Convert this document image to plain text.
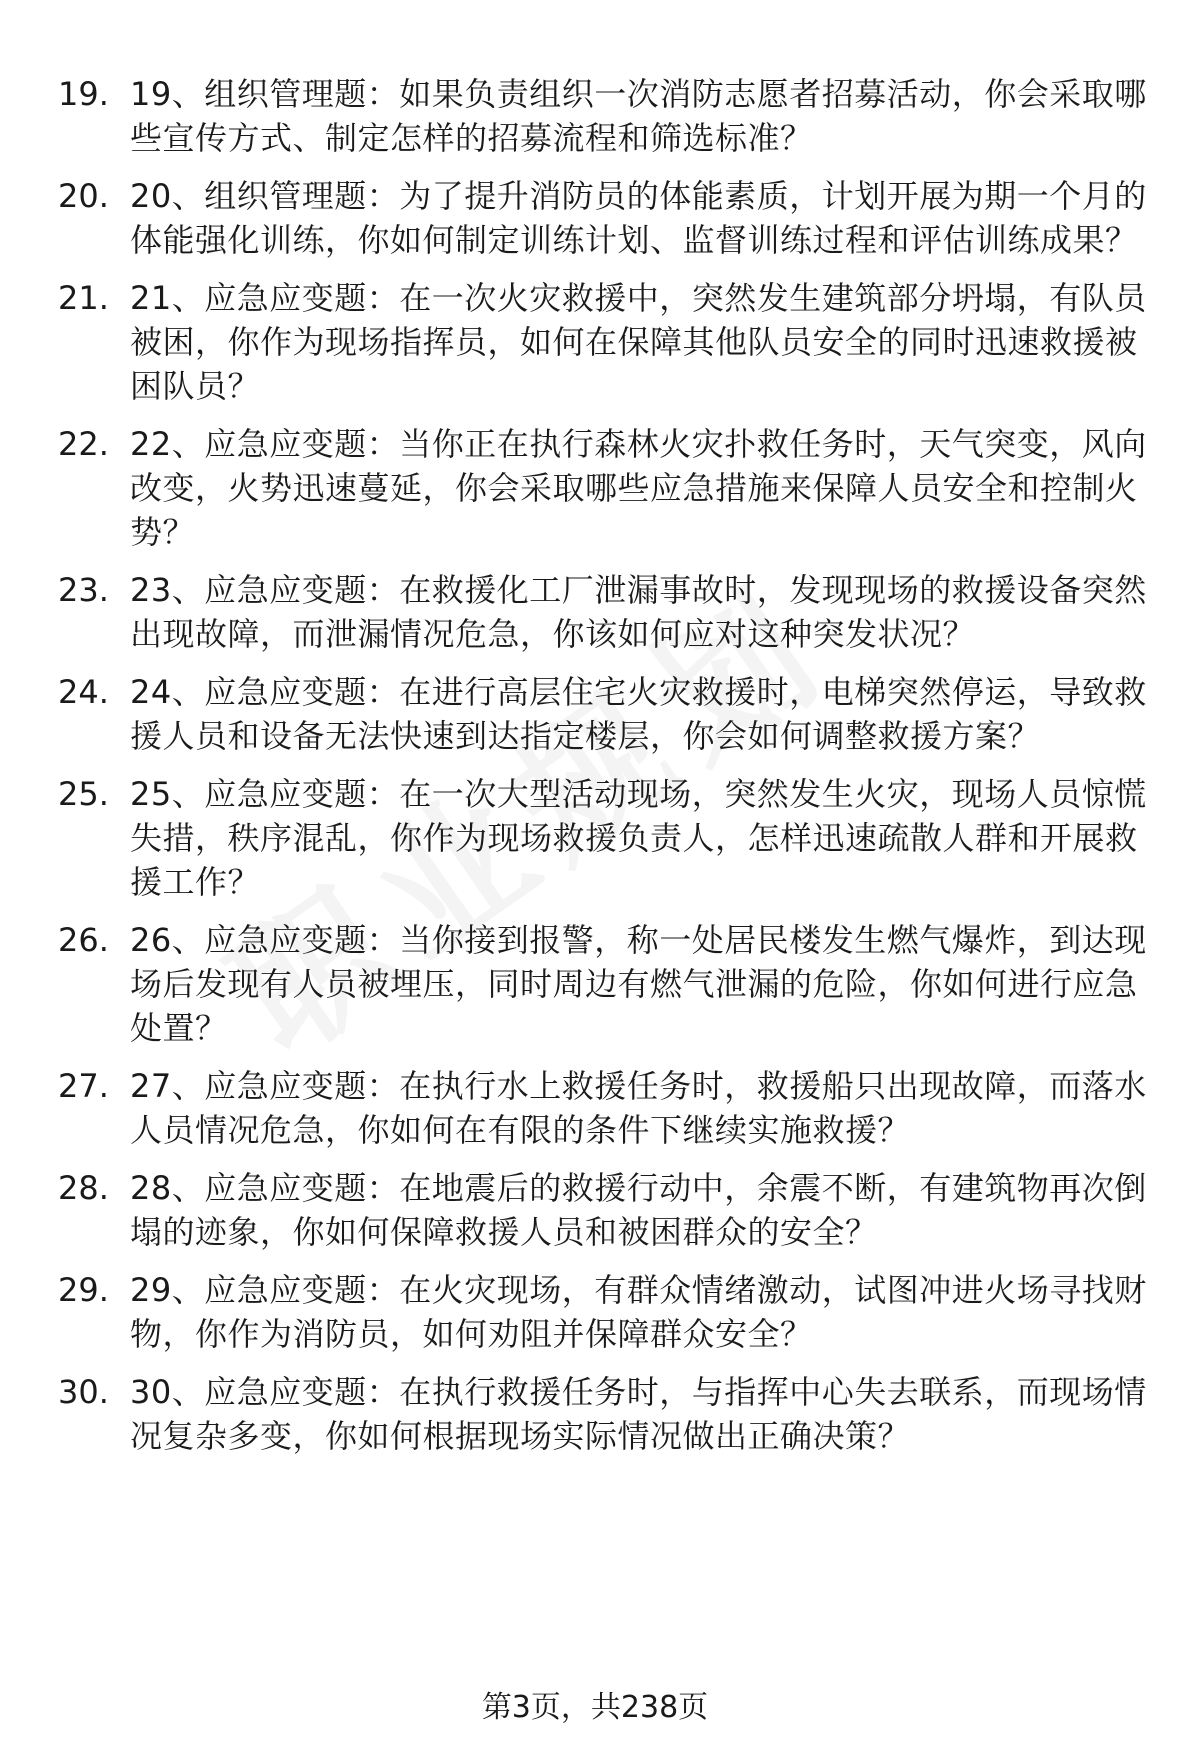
19. 19、组织管理题：如果负责组织一次消防志愿者招募活动，你会采取哪些宣传方式、制定怎样的招募流程和筛选标准？
20. 20、组织管理题：为了提升消防员的体能素质，计划开展为期一个月的体能强化训练，你如何制定训练计划、监督训练过程和评估训练成果？
21. 21、应急应变题：在一次火灾救援中，突然发生建筑部分坍塌，有队员被困，你作为现场指挥员，如何在保障其他队员安全的同时迅速救援被困队员？
22. 22、应急应变题：当你正在执行森林火灾扑救任务时，天气突变，风向改变，火势迅速蔓延，你会采取哪些应急措施来保障人员安全和控制火势？
23. 23、应急应变题：在救援化工厂泄漏事故时，发现现场的救援设备突然出现故障，而泄漏情况危急，你该如何应对这种突发状况？
24. 24、应急应变题：在进行高层住宅火灾救援时，电梯突然停运，导致救援人员和设备无法快速到达指定楼层，你会如何调整救援方案？
25. 25、应急应变题：在一次大型活动现场，突然发生火灾，现场人员惊慌失措，秩序混乱，你作为现场救援负责人，怎样迅速疏散人群和开展救援工作？
26. 26、应急应变题：当你接到报警，称一处居民楼发生燃气爆炸，到达现场后发现有人员被埋压，同时周边有燃气泄漏的危险，你如何进行应急处置？
27. 27、应急应变题：在执行水上救援任务时，救援船只出现故障，而落水人员情况危急，你如何在有限的条件下继续实施救援？
28. 28、应急应变题：在地震后的救援行动中，余震不断，有建筑物再次倒塌的迹象，你如何保障救援人员和被困群众的安全？
29. 29、应急应变题：在火灾现场，有群众情绪激动，试图冲进火场寻找财物，你作为消防员，如何劝阻并保障群众安全？
30. 30、应急应变题：在执行救援任务时，与指挥中心失去联系，而现场情况复杂多变，你如何根据现场实际情况做出正确决策？
第3页，共238页
